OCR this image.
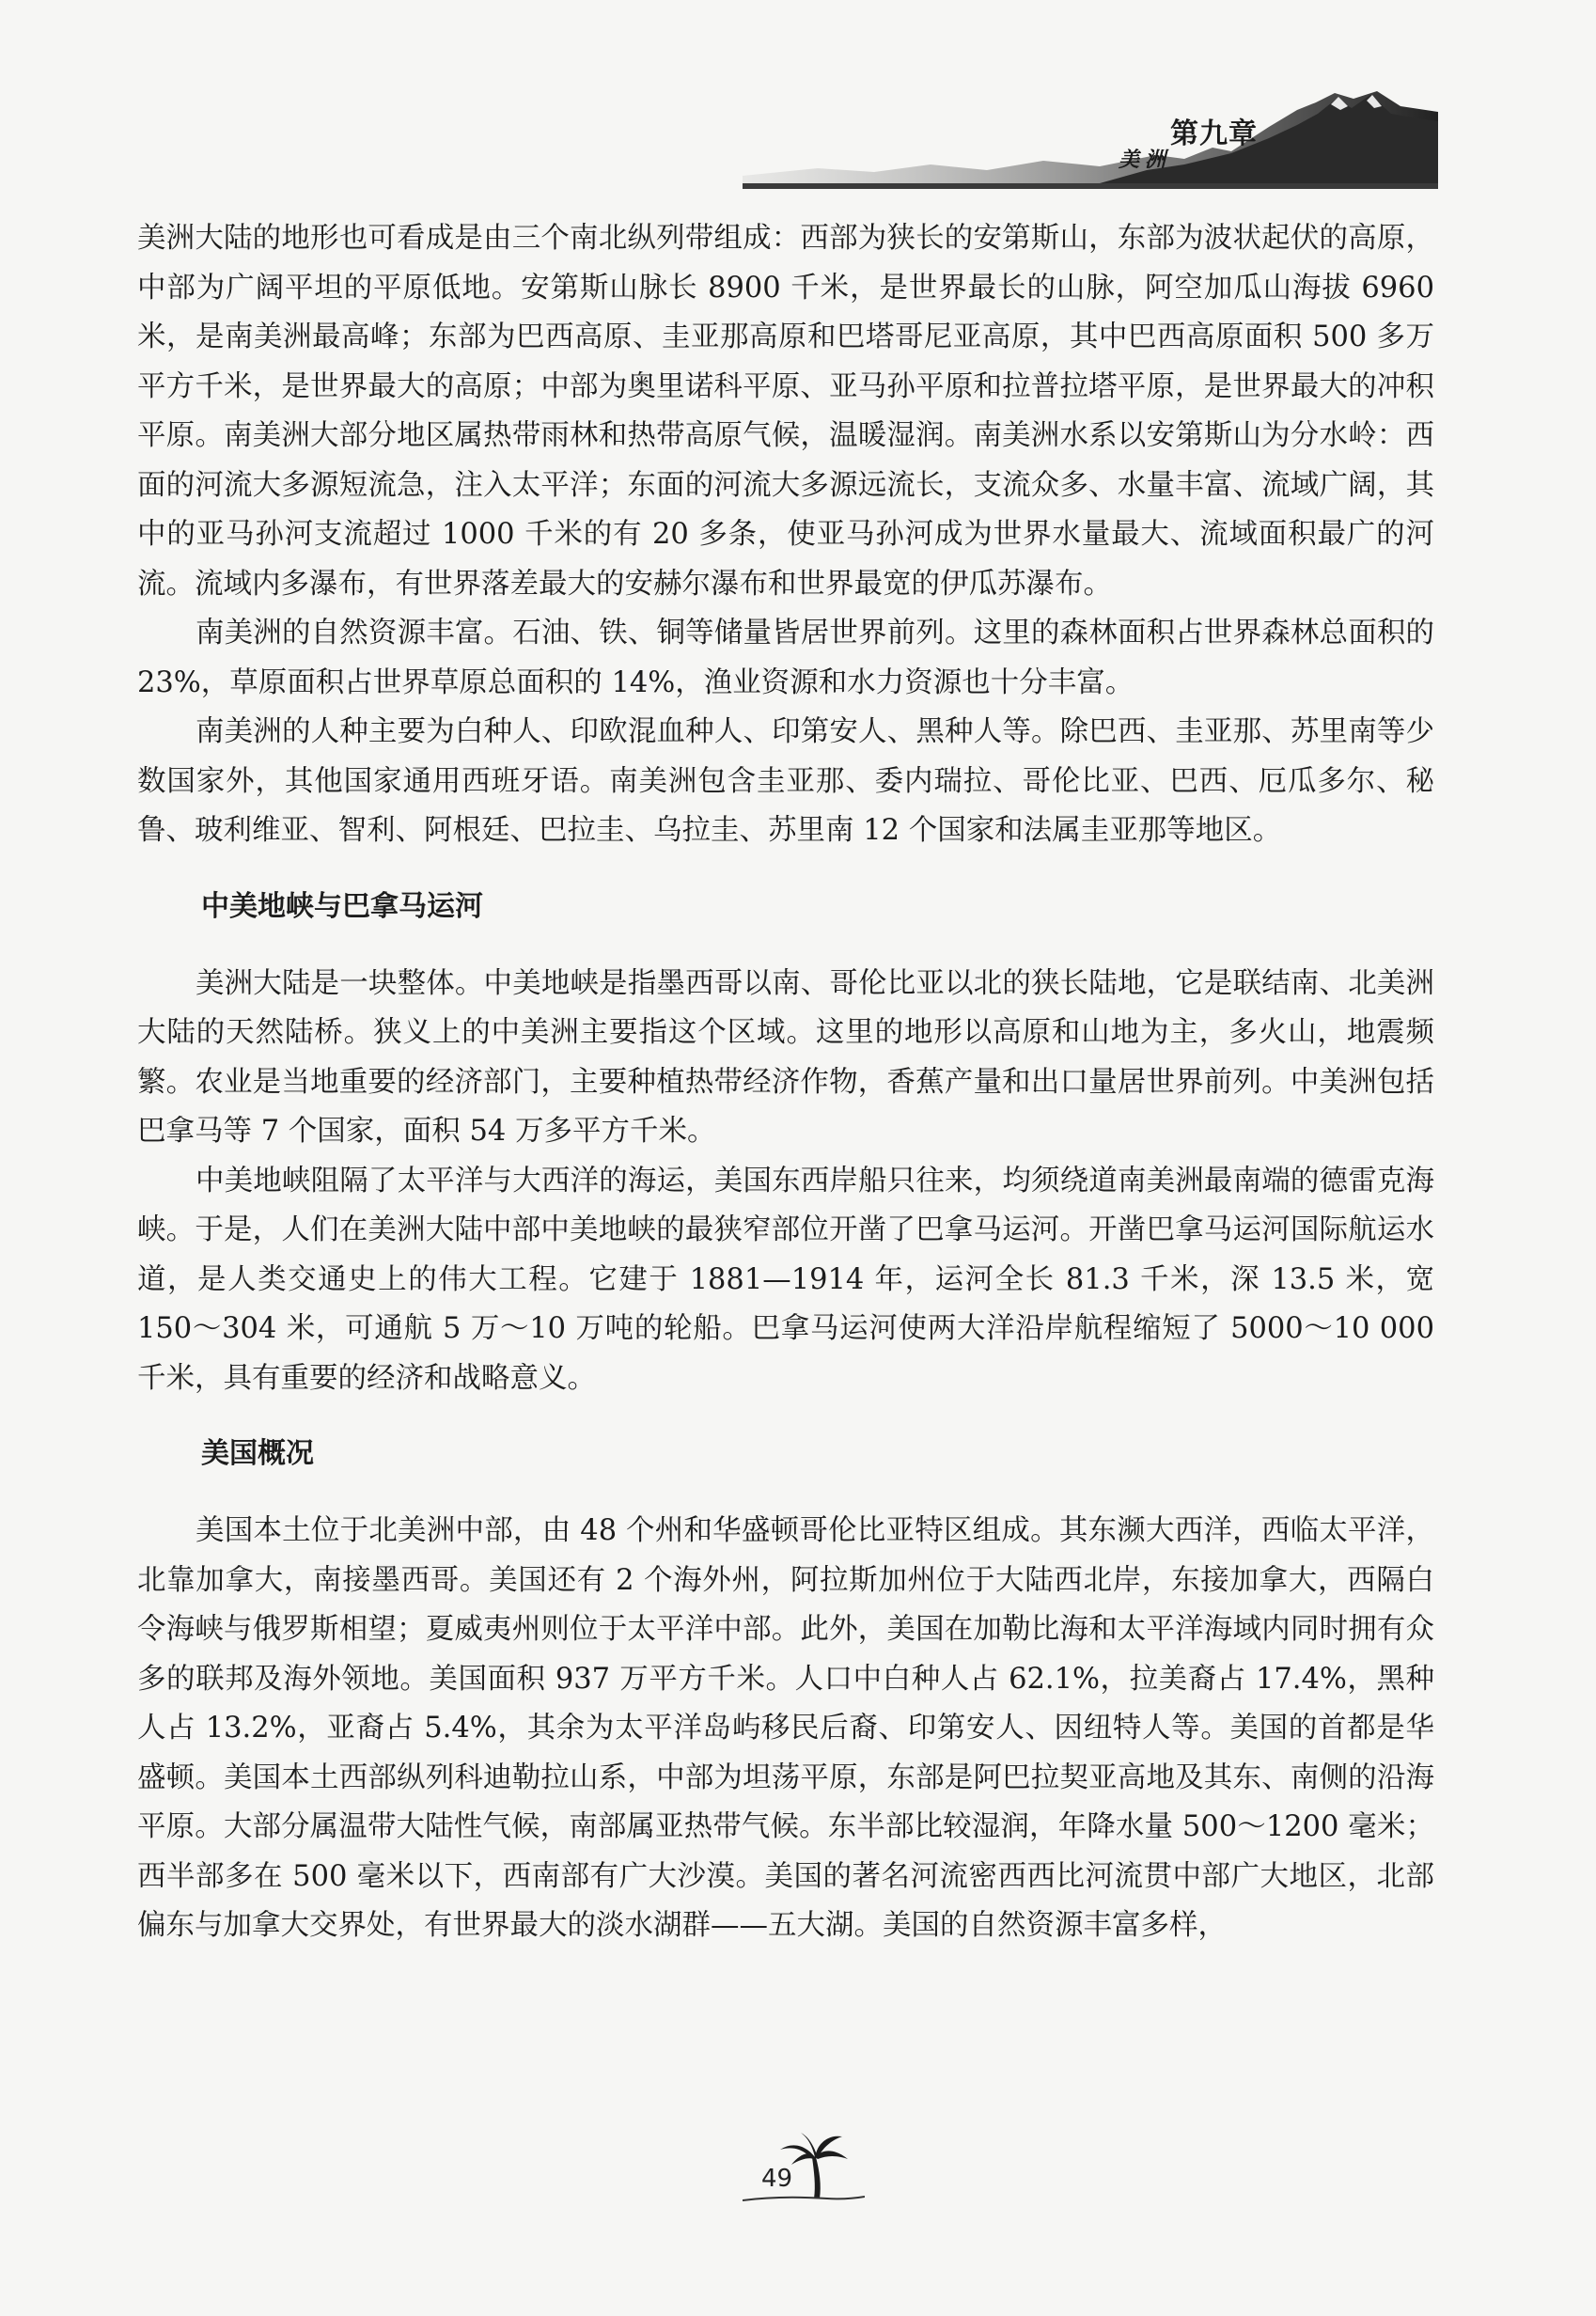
第九章
美洲

美洲大陆的地形也可看成是由三个南北纵列带组成：西部为狭长的安第斯山，东部为波状起伏的高原，中部为广阔平坦的平原低地。安第斯山脉长 8900 千米，是世界最长的山脉，阿空加瓜山海拔 6960 米，是南美洲最高峰；东部为巴西高原、圭亚那高原和巴塔哥尼亚高原，其中巴西高原面积 500 多万平方千米，是世界最大的高原；中部为奥里诺科平原、亚马孙平原和拉普拉塔平原，是世界最大的冲积平原。南美洲大部分地区属热带雨林和热带高原气候，温暖湿润。南美洲水系以安第斯山为分水岭：西面的河流大多源短流急，注入太平洋；东面的河流大多源远流长，支流众多、水量丰富、流域广阔，其中的亚马孙河支流超过 1000 千米的有 20 多条，使亚马孙河成为世界水量最大、流域面积最广的河流。流域内多瀑布，有世界落差最大的安赫尔瀑布和世界最宽的伊瓜苏瀑布。

南美洲的自然资源丰富。石油、铁、铜等储量皆居世界前列。这里的森林面积占世界森林总面积的 23%，草原面积占世界草原总面积的 14%，渔业资源和水力资源也十分丰富。

南美洲的人种主要为白种人、印欧混血种人、印第安人、黑种人等。除巴西、圭亚那、苏里南等少数国家外，其他国家通用西班牙语。南美洲包含圭亚那、委内瑞拉、哥伦比亚、巴西、厄瓜多尔、秘鲁、玻利维亚、智利、阿根廷、巴拉圭、乌拉圭、苏里南 12 个国家和法属圭亚那等地区。

中美地峡与巴拿马运河

美洲大陆是一块整体。中美地峡是指墨西哥以南、哥伦比亚以北的狭长陆地，它是联结南、北美洲大陆的天然陆桥。狭义上的中美洲主要指这个区域。这里的地形以高原和山地为主，多火山，地震频繁。农业是当地重要的经济部门，主要种植热带经济作物，香蕉产量和出口量居世界前列。中美洲包括巴拿马等 7 个国家，面积 54 万多平方千米。

中美地峡阻隔了太平洋与大西洋的海运，美国东西岸船只往来，均须绕道南美洲最南端的德雷克海峡。于是，人们在美洲大陆中部中美地峡的最狭窄部位开凿了巴拿马运河。开凿巴拿马运河国际航运水道，是人类交通史上的伟大工程。它建于 1881—1914 年，运河全长 81.3 千米，深 13.5 米，宽 150～304 米，可通航 5 万～10 万吨的轮船。巴拿马运河使两大洋沿岸航程缩短了 5000～10 000 千米，具有重要的经济和战略意义。

美国概况

美国本土位于北美洲中部，由 48 个州和华盛顿哥伦比亚特区组成。其东濒大西洋，西临太平洋，北靠加拿大，南接墨西哥。美国还有 2 个海外州，阿拉斯加州位于大陆西北岸，东接加拿大，西隔白令海峡与俄罗斯相望；夏威夷州则位于太平洋中部。此外，美国在加勒比海和太平洋海域内同时拥有众多的联邦及海外领地。美国面积 937 万平方千米。人口中白种人占 62.1%，拉美裔占 17.4%，黑种人占 13.2%，亚裔占 5.4%，其余为太平洋岛屿移民后裔、印第安人、因纽特人等。美国的首都是华盛顿。美国本土西部纵列科迪勒拉山系，中部为坦荡平原，东部是阿巴拉契亚高地及其东、南侧的沿海平原。大部分属温带大陆性气候，南部属亚热带气候。东半部比较湿润，年降水量 500～1200 毫米；西半部多在 500 毫米以下，西南部有广大沙漠。美国的著名河流密西西比河流贯中部广大地区，北部偏东与加拿大交界处，有世界最大的淡水湖群——五大湖。美国的自然资源丰富多样，

49
